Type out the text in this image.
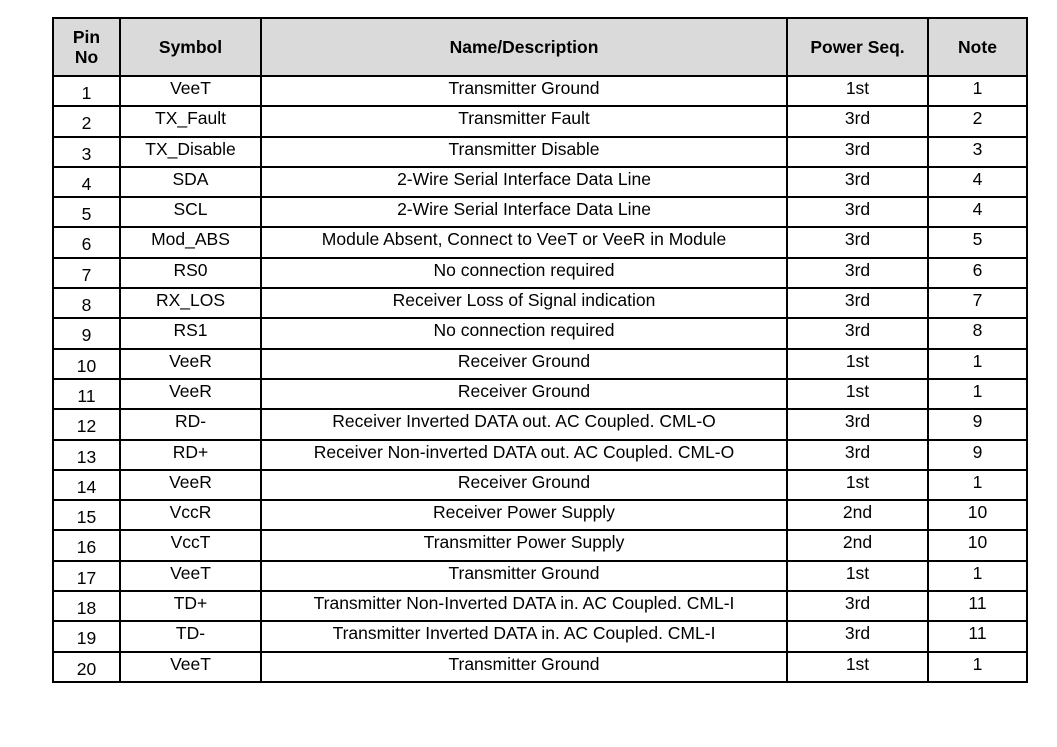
Pin
No	Symbol	Name/Description	Power Seq.	Note

1	VeeT	Transmitter Ground	1st	1

2	TX_Fault	Transmitter Fault	3rd	2

3	TX_Disable	Transmitter Disable	3rd	3

4	SDA	2-Wire Serial Interface Data Line	3rd	4

5	SCL	2-Wire Serial Interface Data Line	3rd	4

6	Mod_ABS	Module Absent, Connect to VeeT or VeeR in Module	3rd	5

7	RS0	No connection required	3rd	6

8	RX_LOS	Receiver Loss of Signal indication	3rd	7

9	RS1	No connection required	3rd	8

10	VeeR	Receiver Ground	1st	1

11	VeeR	Receiver Ground	1st	1

12	RD-	Receiver Inverted DATA out. AC Coupled. CML-O	3rd	9

13	RD+	Receiver Non-inverted DATA out. AC Coupled. CML-O	3rd	9

14	VeeR	Receiver Ground	1st	1

15	VccR	Receiver Power Supply	2nd	10

16	VccT	Transmitter Power Supply	2nd	10

17	VeeT	Transmitter Ground	1st	1

18	TD+	Transmitter Non-Inverted DATA in. AC Coupled. CML-I	3rd	11

19	TD-	Transmitter Inverted DATA in. AC Coupled. CML-I	3rd	11

20	VeeT	Transmitter Ground	1st	1
